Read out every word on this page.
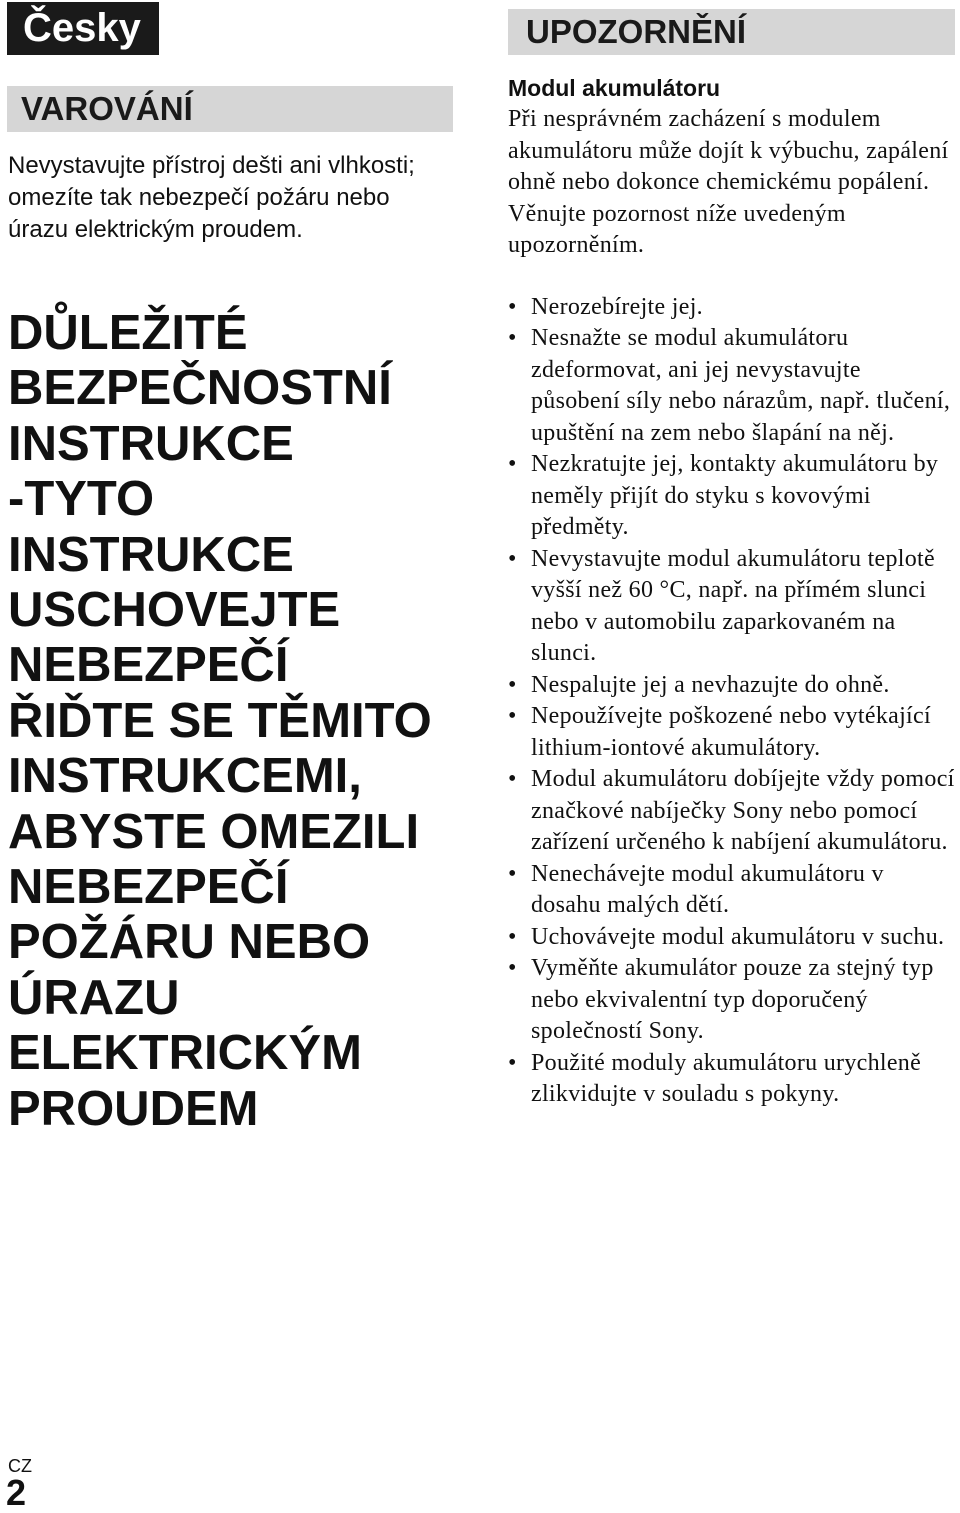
Česky
VAROVÁNÍ

Nevystavujte přístroj dešti ani vlhkosti; omezíte tak nebezpečí požáru nebo úrazu elektrickým proudem.

DŮLEŽITÉ
BEZPEČNOSTNÍ
INSTRUKCE
-TYTO
INSTRUKCE
USCHOVEJTE
NEBEZPEČÍ
ŘIĎTE SE TĚMITO
INSTRUKCEMI,
ABYSTE OMEZILI
NEBEZPEČÍ
POŽÁRU NEBO
ÚRAZU
ELEKTRICKÝM
PROUDEM
UPOZORNĚNÍ
Modul akumulátoru

Při nesprávném zacházení s modulem akumulátoru může dojít k výbuchu, zapálení ohně nebo dokonce chemickému popálení. Věnujte pozornost níže uvedeným upozorněním.

• Nerozebírejte jej.
• Nesnažte se modul akumulátoru zdeformovat, ani jej nevystavujte působení síly nebo nárazům, např. tlučení, upuštění na zem nebo šlapání na něj.
• Nezkratujte jej, kontakty akumulátoru by neměly přijít do styku s kovovými předměty.
• Nevystavujte modul akumulátoru teplotě vyšší než 60 °C, např. na přímém slunci nebo v automobilu zaparkovaném na slunci.
• Nespalujte jej a nevhazujte do ohně.
• Nepoužívejte poškozené nebo vytékající lithium-iontové akumulátory.
• Modul akumulátoru dobíjejte vždy pomocí značkové nabíječky Sony nebo pomocí zařízení určeného k nabíjení akumulátoru.
• Nenechávejte modul akumulátoru v dosahu malých dětí.
• Uchovávejte modul akumulátoru v suchu.
• Vyměňte akumulátor pouze za stejný typ nebo ekvivalentní typ doporučený společností Sony.
• Použité moduly akumulátoru urychleně zlikvidujte v souladu s pokyny.
CZ
2
